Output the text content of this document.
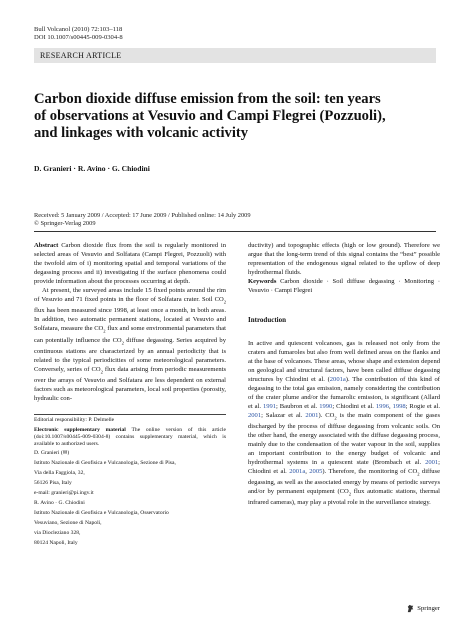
Bull Volcanol (2010) 72:103–118
DOI 10.1007/s00445-009-0304-8
RESEARCH ARTICLE
Carbon dioxide diffuse emission from the soil: ten years
of observations at Vesuvio and Campi Flegrei (Pozzuoli),
and linkages with volcanic activity
D. Granieri · R. Avino · G. Chiodini
Received: 5 January 2009 / Accepted: 17 June 2009 / Published online: 14 July 2009
© Springer-Verlag 2009

Abstract Carbon dioxide flux from the soil is regularly monitored in selected areas of Vesuvio and Solfatara (Campi Flegrei, Pozzuoli) with the twofold aim of i) monitoring spatial and temporal variations of the degassing process and ii) investigating if the surface phenomena could provide information about the processes occurring at depth.

At present, the surveyed areas include 15 fixed points around the rim of Vesuvio and 71 fixed points in the floor of Solfatara crater. Soil $CO_2$ flux has been measured since 1998, at least once a month, in both areas. In addition, two automatic permanent stations, located at Vesuvio and Solfatara, measure the $CO_2$ flux and some environmental parameters that can potentially influence the $CO_2$ diffuse degassing. Series acquired by continuous stations are characterized by an annual periodicity that is related to the typical periodicities of some meteorological parameters. Conversely, series of $CO_2$ flux data arising from periodic measurements over the arrays of Vesuvio and Solfatara are less dependent on external factors such as meteorological parameters, local soil properties (porosity, hydraulic con-

Editorial responsibility: P. Delmelle
Electronic supplementary material The online version of this article (doi:10.1007/s00445-009-0304-8) contains supplementary material, which is available to authorized users.
D. Granieri (✉)
Istituto Nazionale di Geofisica e Vulcanologia, Sezione di Pisa,
Via della Faggiola, 32,
56126 Pisa, Italy
e-mail: granieri@pi.ingv.it
R. Avino · G. Chiodini
Istituto Nazionale di Geofisica e Vulcanologia, Osservatorio
Vesuviano, Sezione di Napoli,
via Diocleziano 328,
80124 Napoli, Italy

ductivity) and topographic effects (high or low ground). Therefore we argue that the long-term trend of this signal contains the “best” possible representation of the endogenous signal related to the upflow of deep hydrothermal fluids.

Keywords Carbon dioxide · Soil diffuse degassing · Monitoring · Vesuvio · Campi Flegrei

Introduction

In active and quiescent volcanoes, gas is released not only from the craters and fumaroles but also from well defined areas on the flanks and at the base of volcanoes. These areas, whose shape and extension depend on geological and structural factors, have been called diffuse degassing structures by Chiodini et al. (2001a). The contribution of this kind of degassing to the total gas emission, namely considering the contribution of the crater plume and/or the fumarolic emission, is significant (Allard et al. 1991; Baubron et al. 1990; Chiodini et al. 1996, 1998; Rogie et al. 2001; Salazar et al. 2001). $CO_2$ is the main component of the gases discharged by the process of diffuse degassing from volcanic soils. On the other hand, the energy associated with the diffuse degassing process, mainly due to the condensation of the water vapour in the soil, supplies an important contribution to the energy budget of volcanic and hydrothermal systems in a quiescent state (Brombach et al. 2001; Chiodini et al. 2001a, 2005). Therefore, the monitoring of $CO_2$ diffuse degassing, as well as the associated energy by means of periodic surveys and/or by permanent equipment ($CO_2$ flux automatic stations, thermal infrared cameras), may play a pivotal role in the surveillance strategy.

Springer
